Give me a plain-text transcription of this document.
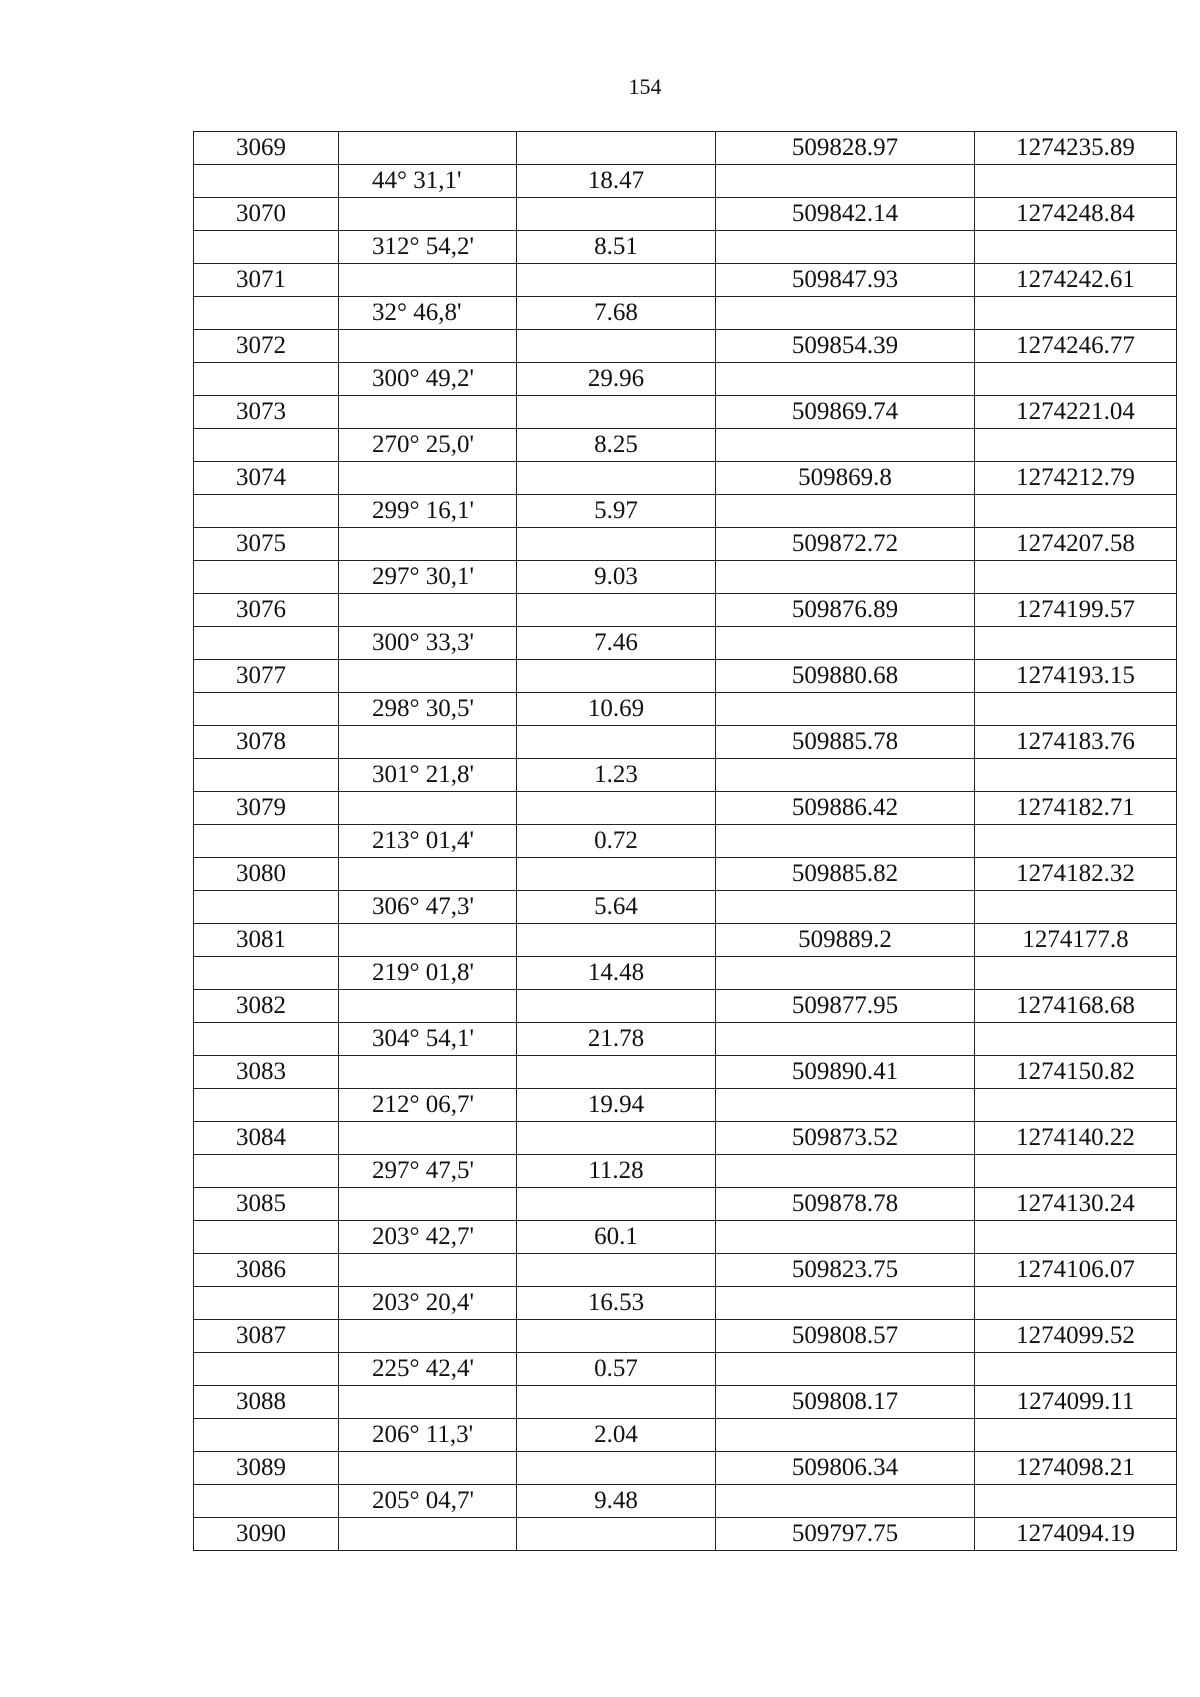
154
3069			509828.97	1274235.89
	44° 31,1'	18.47		
3070			509842.14	1274248.84
	312° 54,2'	8.51		
3071			509847.93	1274242.61
	32° 46,8'	7.68		
3072			509854.39	1274246.77
	300° 49,2'	29.96		
3073			509869.74	1274221.04
	270° 25,0'	8.25		
3074			509869.8	1274212.79
	299° 16,1'	5.97		
3075			509872.72	1274207.58
	297° 30,1'	9.03		
3076			509876.89	1274199.57
	300° 33,3'	7.46		
3077			509880.68	1274193.15
	298° 30,5'	10.69		
3078			509885.78	1274183.76
	301° 21,8'	1.23		
3079			509886.42	1274182.71
	213° 01,4'	0.72		
3080			509885.82	1274182.32
	306° 47,3'	5.64		
3081			509889.2	1274177.8
	219° 01,8'	14.48		
3082			509877.95	1274168.68
	304° 54,1'	21.78		
3083			509890.41	1274150.82
	212° 06,7'	19.94		
3084			509873.52	1274140.22
	297° 47,5'	11.28		
3085			509878.78	1274130.24
	203° 42,7'	60.1		
3086			509823.75	1274106.07
	203° 20,4'	16.53		
3087			509808.57	1274099.52
	225° 42,4'	0.57		
3088			509808.17	1274099.11
	206° 11,3'	2.04		
3089			509806.34	1274098.21
	205° 04,7'	9.48		
3090			509797.75	1274094.19
